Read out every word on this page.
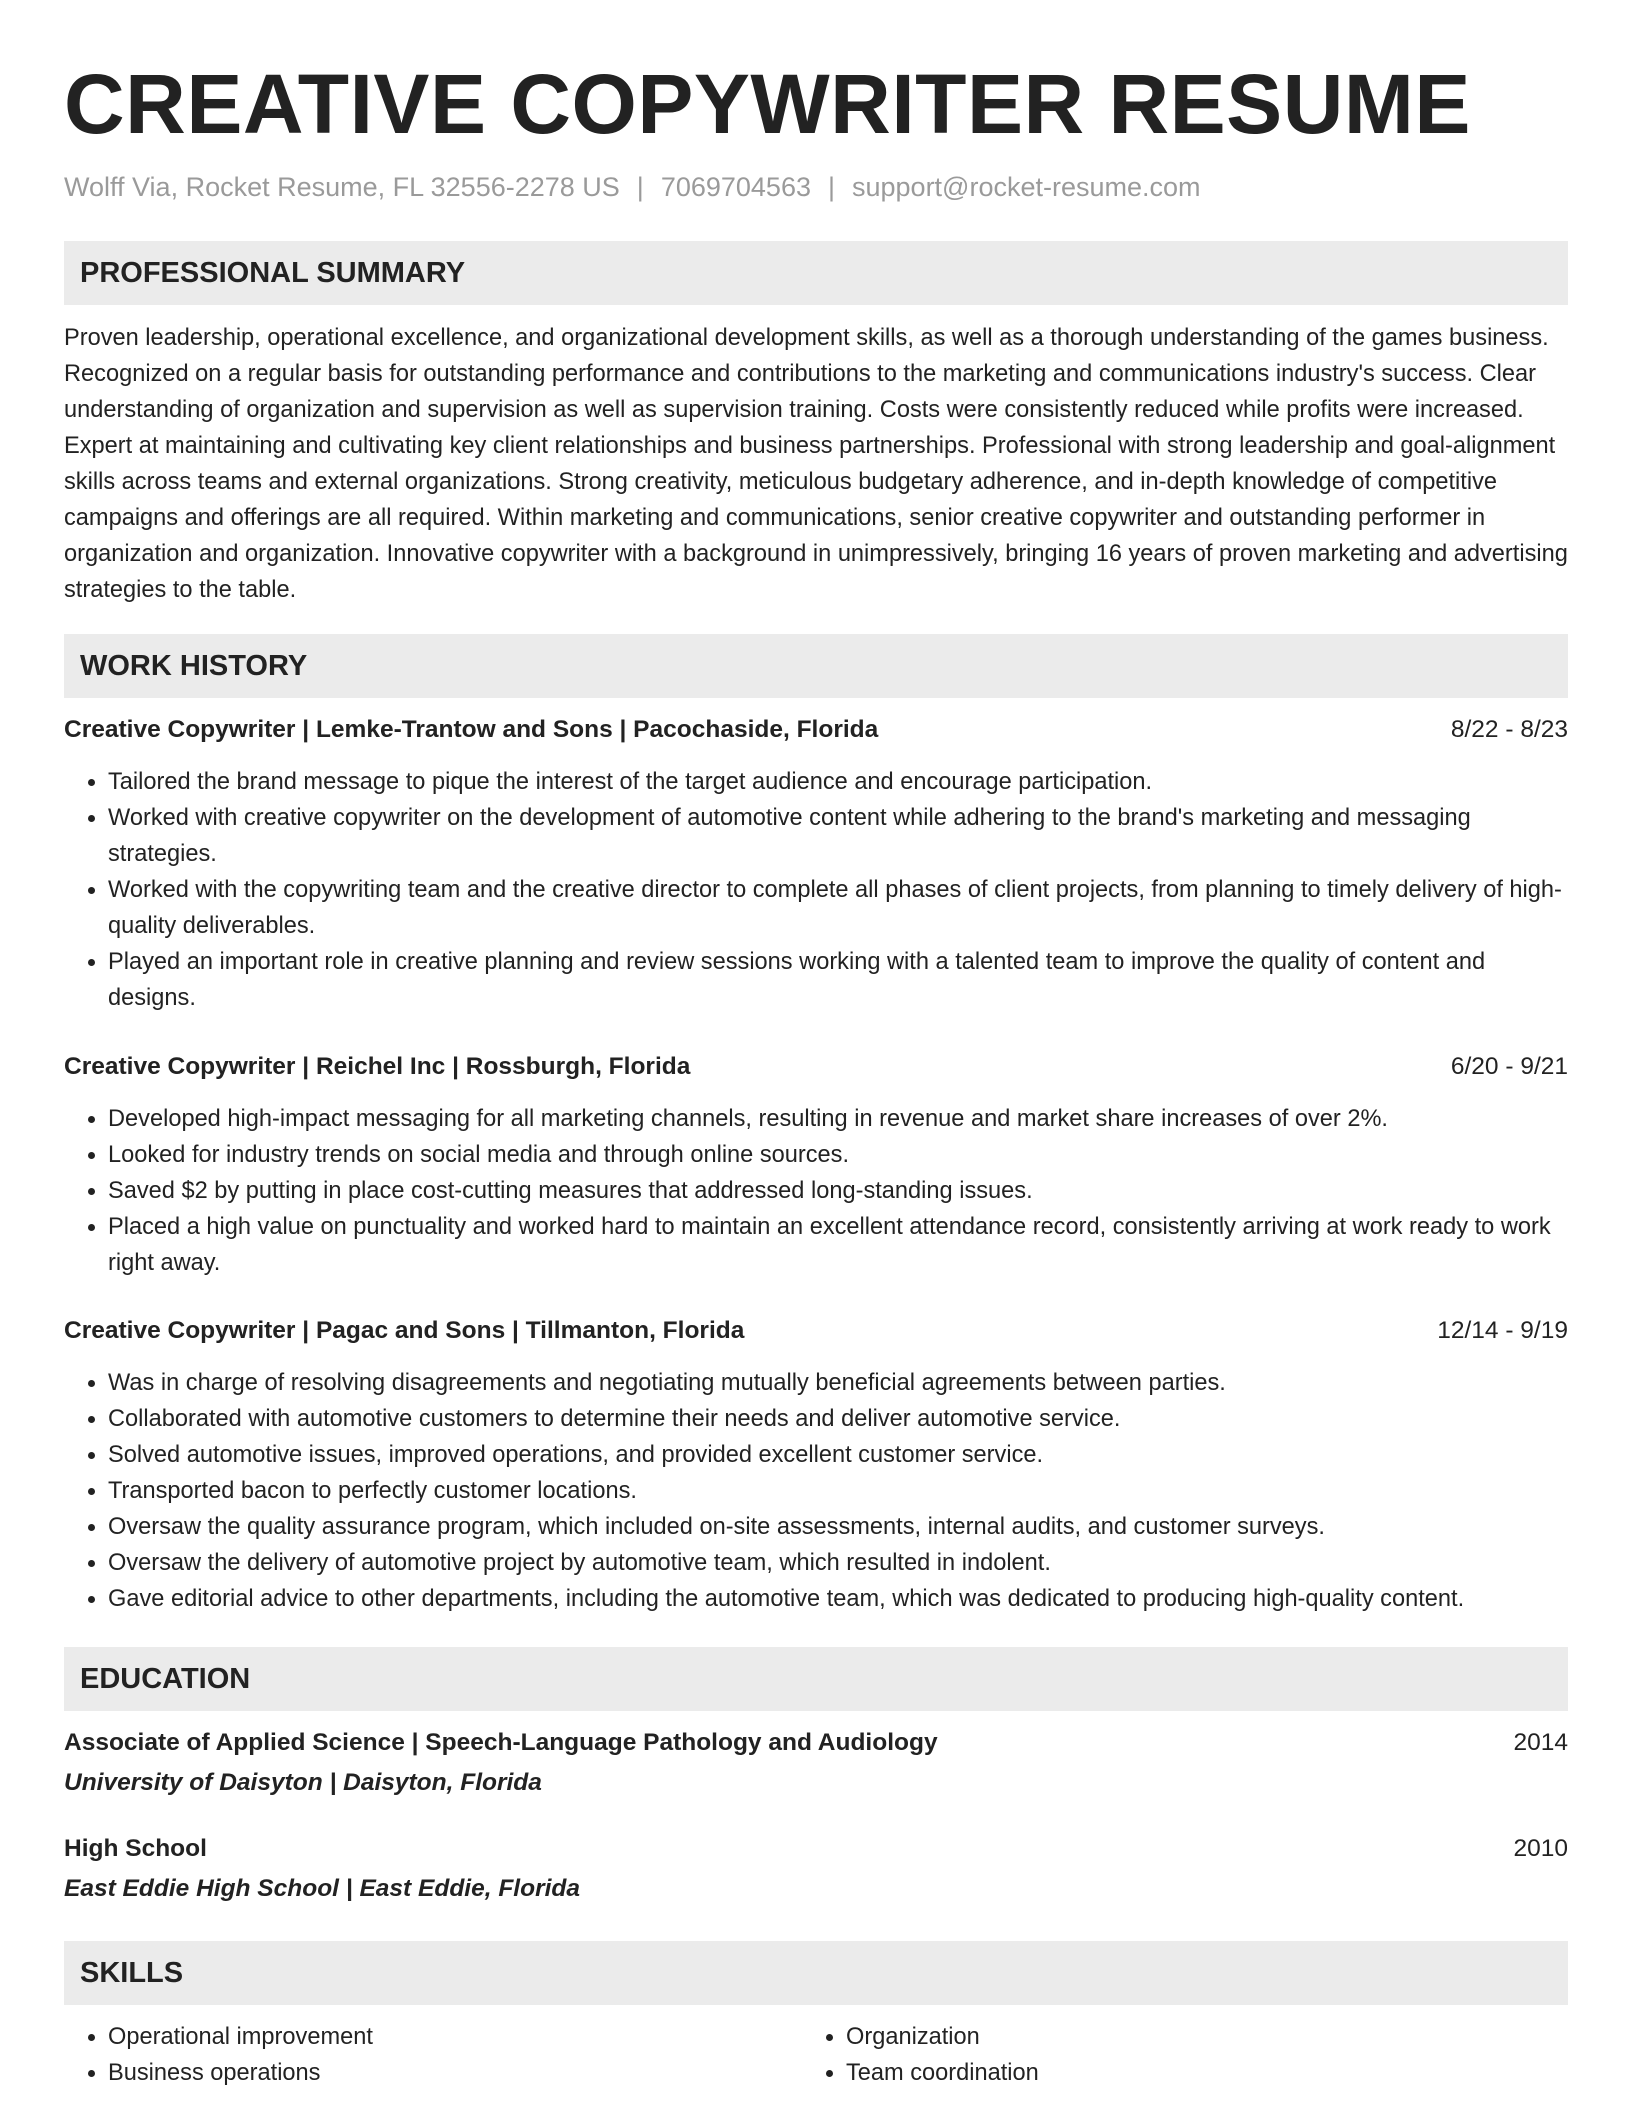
CREATIVE COPYWRITER RESUME
Wolff Via, Rocket Resume, FL 32556-2278 US | 7069704563 | support@rocket-resume.com
PROFESSIONAL SUMMARY
Proven leadership, operational excellence, and organizational development skills, as well as a thorough understanding of the games business. Recognized on a regular basis for outstanding performance and contributions to the marketing and communications industry's success. Clear understanding of organization and supervision as well as supervision training. Costs were consistently reduced while profits were increased. Expert at maintaining and cultivating key client relationships and business partnerships. Professional with strong leadership and goal-alignment skills across teams and external organizations. Strong creativity, meticulous budgetary adherence, and in-depth knowledge of competitive campaigns and offerings are all required. Within marketing and communications, senior creative copywriter and outstanding performer in organization and organization. Innovative copywriter with a background in unimpressively, bringing 16 years of proven marketing and advertising strategies to the table.
WORK HISTORY
Creative Copywriter | Lemke-Trantow and Sons | Pacochaside, Florida	8/22 - 8/23
• Tailored the brand message to pique the interest of the target audience and encourage participation.
• Worked with creative copywriter on the development of automotive content while adhering to the brand's marketing and messaging strategies.
• Worked with the copywriting team and the creative director to complete all phases of client projects, from planning to timely delivery of high-quality deliverables.
• Played an important role in creative planning and review sessions working with a talented team to improve the quality of content and designs.
Creative Copywriter | Reichel Inc | Rossburgh, Florida	6/20 - 9/21
• Developed high-impact messaging for all marketing channels, resulting in revenue and market share increases of over 2%.
• Looked for industry trends on social media and through online sources.
• Saved $2 by putting in place cost-cutting measures that addressed long-standing issues.
• Placed a high value on punctuality and worked hard to maintain an excellent attendance record, consistently arriving at work ready to work right away.
Creative Copywriter | Pagac and Sons | Tillmanton, Florida	12/14 - 9/19
• Was in charge of resolving disagreements and negotiating mutually beneficial agreements between parties.
• Collaborated with automotive customers to determine their needs and deliver automotive service.
• Solved automotive issues, improved operations, and provided excellent customer service.
• Transported bacon to perfectly customer locations.
• Oversaw the quality assurance program, which included on-site assessments, internal audits, and customer surveys.
• Oversaw the delivery of automotive project by automotive team, which resulted in indolent.
• Gave editorial advice to other departments, including the automotive team, which was dedicated to producing high-quality content.
EDUCATION
Associate of Applied Science | Speech-Language Pathology and Audiology	2014
University of Daisyton | Daisyton, Florida
High School	2010
East Eddie High School | East Eddie, Florida
SKILLS
• Operational improvement
• Business operations
• Organization
• Team coordination
